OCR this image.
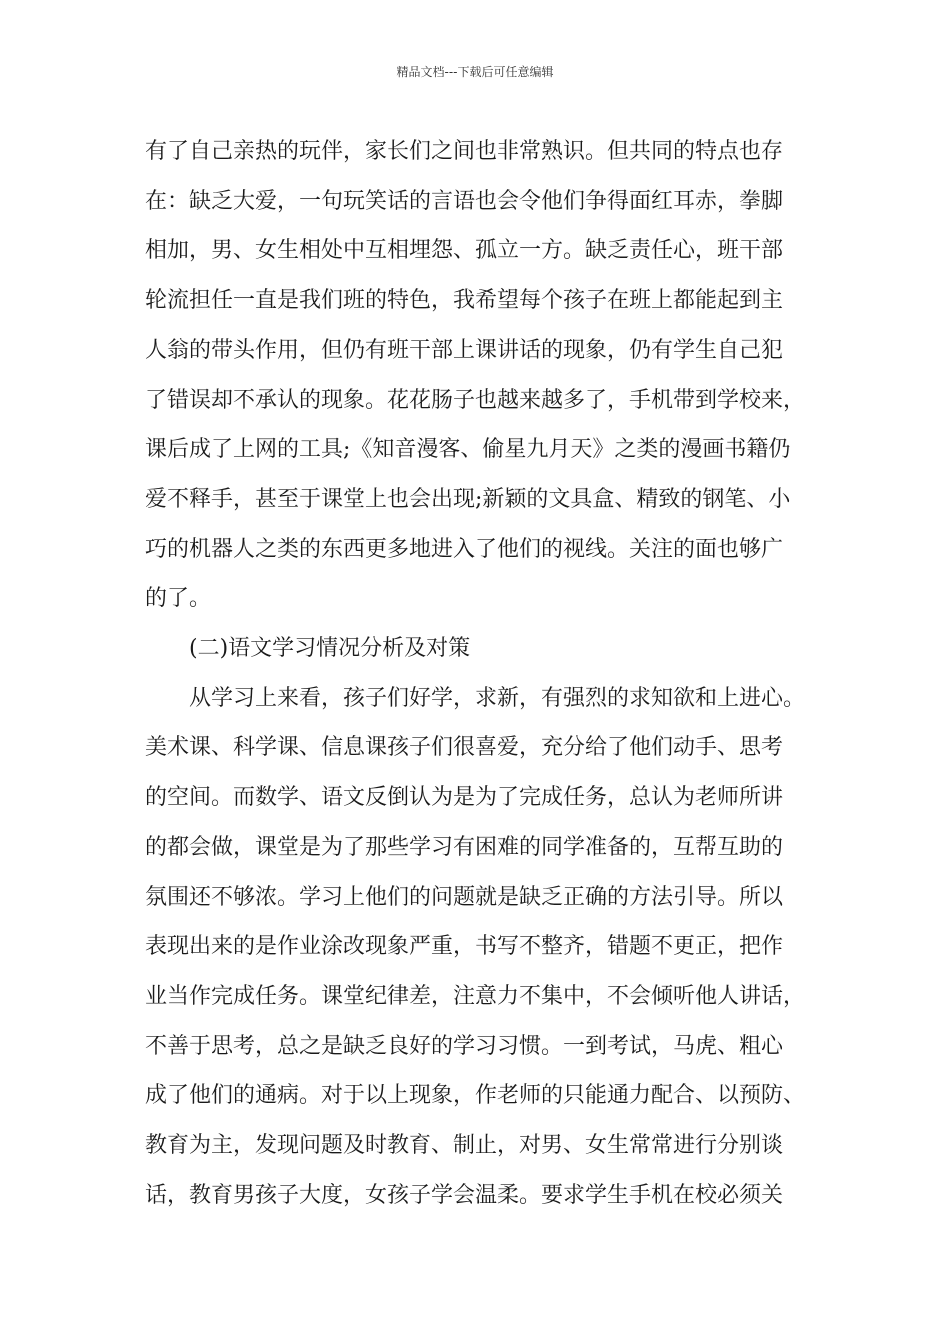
精品文档---下载后可任意编辑
有了自己亲热的玩伴，家长们之间也非常熟识。但共同的特点也存
在：缺乏大爱，一句玩笑话的言语也会令他们争得面红耳赤，拳脚
相加，男、女生相处中互相埋怨、孤立一方。缺乏责任心，班干部
轮流担任一直是我们班的特色，我希望每个孩子在班上都能起到主
人翁的带头作用，但仍有班干部上课讲话的现象，仍有学生自己犯
了错误却不承认的现象。花花肠子也越来越多了，手机带到学校来，
课后成了上网的工具;《知音漫客、偷星九月天》之类的漫画书籍仍
爱不释手，甚至于课堂上也会出现;新颖的文具盒、精致的钢笔、小
巧的机器人之类的东西更多地进入了他们的视线。关注的面也够广
的了。
(二)语文学习情况分析及对策
从学习上来看，孩子们好学，求新，有强烈的求知欲和上进心。
美术课、科学课、信息课孩子们很喜爱，充分给了他们动手、思考
的空间。而数学、语文反倒认为是为了完成任务，总认为老师所讲
的都会做，课堂是为了那些学习有困难的同学准备的，互帮互助的
氛围还不够浓。学习上他们的问题就是缺乏正确的方法引导。所以
表现出来的是作业涂改现象严重，书写不整齐，错题不更正，把作
业当作完成任务。课堂纪律差，注意力不集中，不会倾听他人讲话，
不善于思考，总之是缺乏良好的学习习惯。一到考试，马虎、粗心
成了他们的通病。对于以上现象，作老师的只能通力配合、以预防、
教育为主，发现问题及时教育、制止，对男、女生常常进行分别谈
话，教育男孩子大度，女孩子学会温柔。要求学生手机在校必须关
